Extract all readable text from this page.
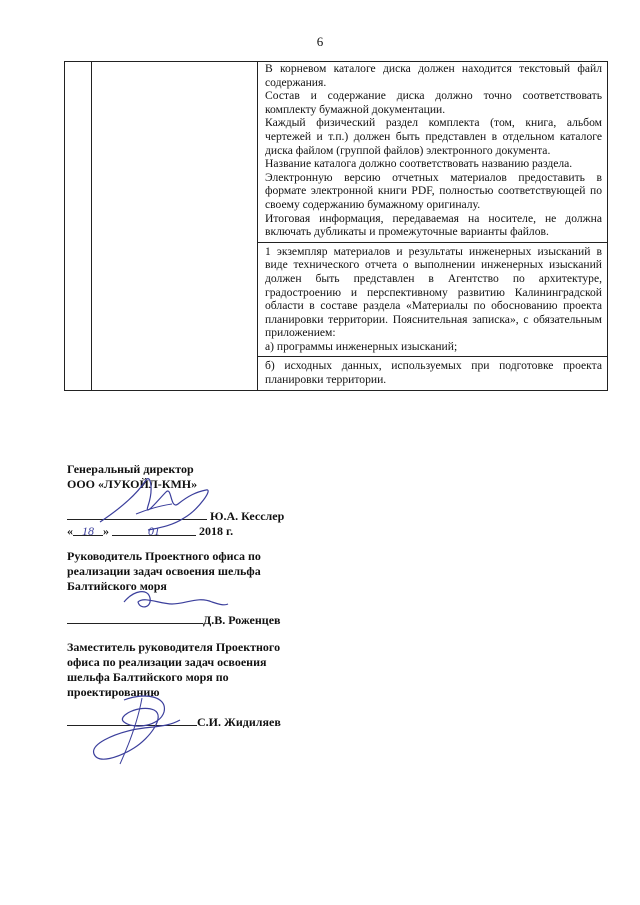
6

В корневом каталоге диска должен находится текстовый файл содержания.

Состав и содержание диска должно точно соответствовать комплекту бумажной документации.

Каждый физический раздел комплекта (том, книга, альбом чертежей и т.п.) должен быть представлен в отдельном каталоге диска файлом (группой файлов) электронного документа.

Название каталога должно соответствовать названию раздела.

Электронную версию отчетных материалов предоставить в формате электронной книги PDF, полностью соответствующей по своему содержанию бумажному оригиналу.

Итоговая информация, передаваемая на носителе, не должна включать дубликаты и промежуточные варианты файлов.

1 экземпляр материалов и результаты инженерных изысканий в виде технического отчета о выполнении инженерных изысканий должен быть представлен в Агентство по архитектуре, градостроению и перспективному развитию Калининградской области в составе раздела «Материалы по обоснованию проекта планировки территории. Пояснительная записка», с обязательным приложением:

а) программы инженерных изысканий;

б) исходных данных, используемых при подготовке проекта планировки территории.

Генеральный директор
ООО «ЛУКОЙЛ-КМН»
Ю.А. Кесслер
« 18 »	01	2018 г.
Руководитель Проектного офиса по
реализации задач освоения шельфа
Балтийского моря
Д.В. Роженцев
Заместитель руководителя Проектного
офиса по реализации задач освоения
шельфа Балтийского моря по
проектированию
С.И. Жидиляев
